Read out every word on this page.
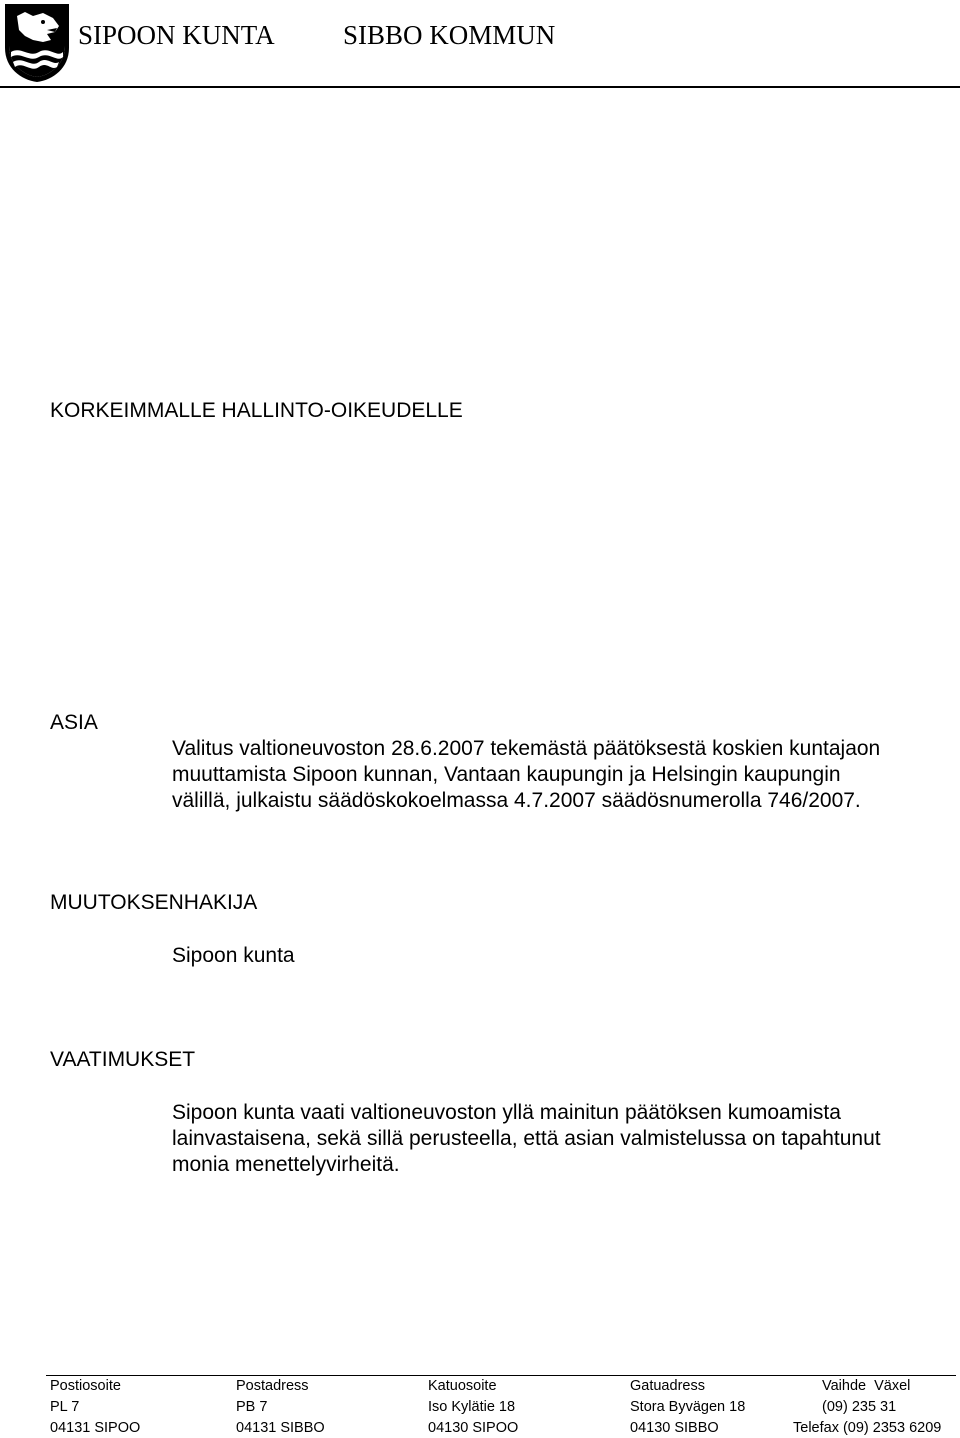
SIPOON KUNTA	SIBBO KOMMUN
KORKEIMMALLE HALLINTO-OIKEUDELLE
ASIA

Valitus valtioneuvoston 28.6.2007 tekemästä päätöksestä koskien kuntajaon
muuttamista Sipoon kunnan, Vantaan kaupungin ja Helsingin kaupungin
välillä, julkaistu säädöskokoelmassa 4.7.2007 säädösnumerolla 746/2007.

MUUTOKSENHAKIJA

Sipoon kunta

VAATIMUKSET

Sipoon kunta vaati valtioneuvoston yllä mainitun päätöksen kumoamista
lainvastaisena, sekä sillä perusteella, että asian valmistelussa on tapahtunut
monia menettelyvirheitä.

Postiosoite
PL 7
04131 SIPOO
Postadress
PB 7
04131 SIBBO
Katuosoite
Iso Kylätie 18
04130 SIPOO
Gatuadress
Stora Byvägen 18
04130 SIBBO
Vaihde  Växel
(09) 235 31
Telefax (09) 2353 6209
